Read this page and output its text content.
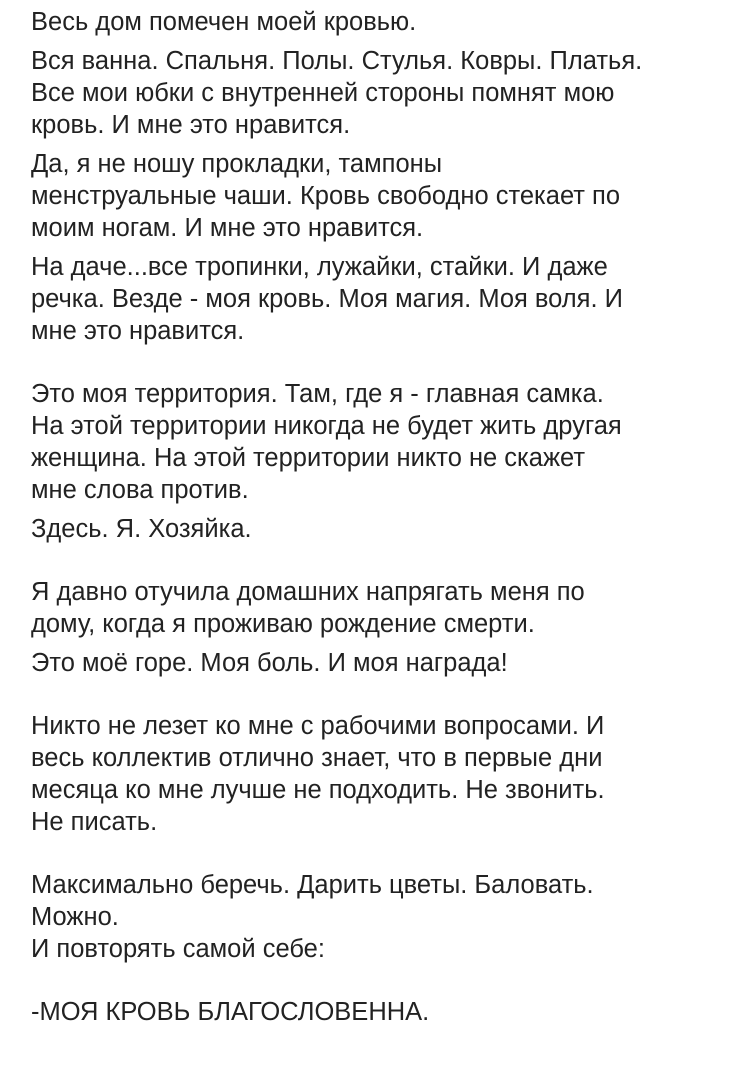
Весь дом помечен моей кровью.

Вся ванна. Спальня. Полы. Стулья. Ковры. Платья.
Все мои юбки с внутренней стороны помнят мою
кровь. И мне это нравится.

Да, я не ношу прокладки, тампоны
менструальные чаши. Кровь свободно стекает по
моим ногам. И мне это нравится.

На даче...все тропинки, лужайки, стайки. И даже
речка. Везде - моя кровь. Моя магия. Моя воля. И
мне это нравится.

Это моя территория. Там, где я - главная самка.
На этой территории никогда не будет жить другая
женщина. На этой территории никто не скажет
мне слова против.

Здесь. Я. Хозяйка.

Я давно отучила домашних напрягать меня по
дому, когда я проживаю рождение смерти.

Это моё горе. Моя боль. И моя награда!

Никто не лезет ко мне с рабочими вопросами. И
весь коллектив отлично знает, что в первые дни
месяца ко мне лучше не подходить. Не звонить.
Не писать.

Максимально беречь. Дарить цветы. Баловать.
Можно.
И повторять самой себе:

-МОЯ КРОВЬ БЛАГОСЛОВЕННА.
